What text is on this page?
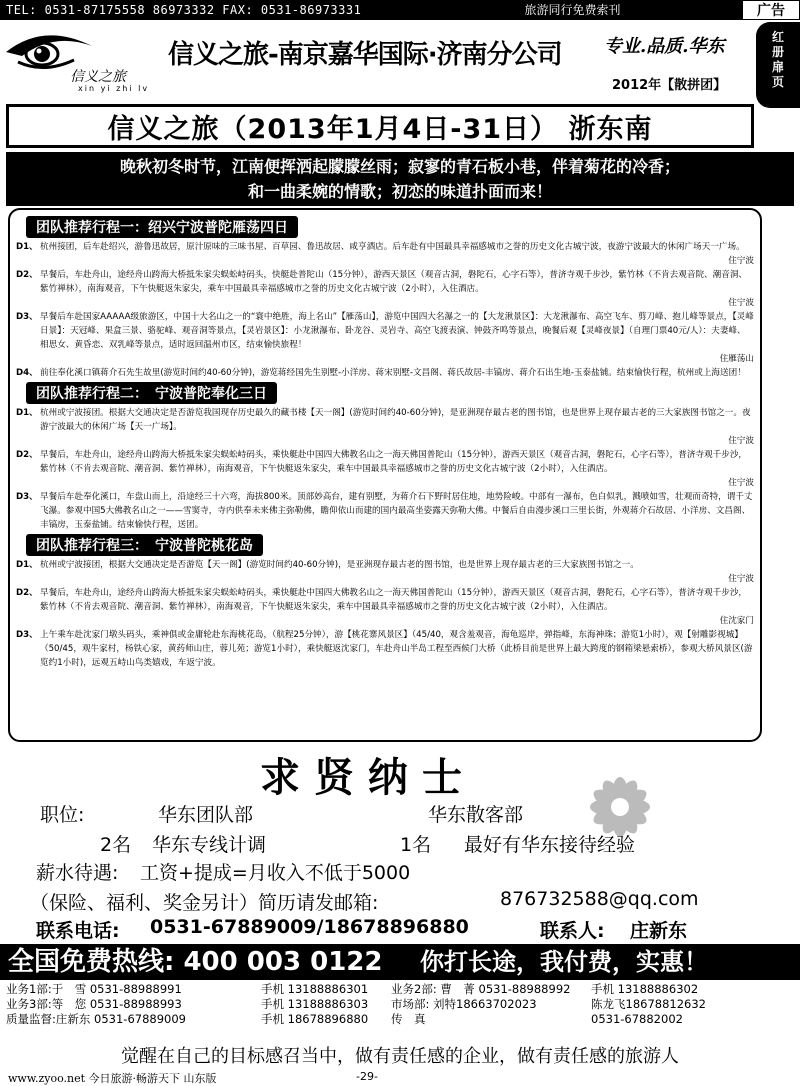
TEL: 0531-87175558 86973332 FAX: 0531-86973331	旅游同行免费索刊	广告
红册扉页
信义之旅
xin yi zhi lv
信义之旅-南京嘉华国际·济南分公司 专业.品质.华东
2012年【散拼团】
信义之旅（2013年1月4日-31日） 浙东南
晚秋初冬时节，江南便挥洒起朦朦丝雨；寂寥的青石板小巷，伴着菊花的冷香；
和一曲柔婉的情歌；初恋的味道扑面而来！
团队推荐行程一：绍兴宁波普陀雁荡四日
D1、 杭州接团，后车赴绍兴，游鲁迅故居，原汁原味的三味书屋、百草园、鲁迅故居、咸亨酒店。后车赴有中国最具幸福感城市之誉的历史文化古城宁波，夜游宁波最大的休闲广场天一广场。
住宁波
D2、 早餐后，车赴舟山，途经舟山跨海大桥抵朱家尖蜈蚣峙码头，快艇赴普陀山（15分钟），游西天景区（观音古洞，磐陀石，心字石等），普济寺观千步沙，紫竹林（不肯去观音院、潮音洞、紫竹禅林），南海观音，下午快艇返朱家尖，乘车中国最具幸福感城市之誉的历史文化古城宁波（2小时），入住酒店。
住宁波
D3、 早餐后车赴国家AAAAA级旅游区，中国十大名山之一的“寰中绝胜，海上名山”【雁荡山】，游览中国四大名瀑之一的【大龙湫景区】：大龙湫瀑布、高空飞车、剪刀峰、抱儿峰等景点，【灵峰日景】：天冠峰、果盒三景、骆驼峰、观音洞等景点，【灵岩景区】：小龙湫瀑布、卧龙谷、灵岩寺、高空飞渡表演、钟鼓齐鸣等景点，晚餐后观【灵峰夜景】（自理门票40元/人）：夫妻峰、相思女、黄昏恋、双乳峰等景点，适时返回温州市区，结束愉快旅程！
住雁荡山
D4、 前往奉化溪口镇蒋介石先生故里(游览时间约40-60分钟)，游览蒋经国先生别墅-小洋房、蒋宋别墅-文昌阁、蒋氏故居-丰镐房、蒋介石出生地-玉泰盐铺。结束愉快行程，杭州或上海送团！
团队推荐行程二：　宁波普陀奉化三日
D1、 杭州或宁波接团。根据大交通决定是否游览我国现存历史最久的藏书楼【天一阁】(游览时间约40-60分钟)，是亚洲现存最古老的图书馆，也是世界上现存最古老的三大家族图书馆之一。夜游宁波最大的休闲广场【天一广场】。
住宁波
D2、 早餐后，车赴舟山，途经舟山跨海大桥抵朱家尖蜈蚣峙码头，乘快艇赴中国四大佛教名山之一海天佛国普陀山（15分钟），游西天景区（观音古洞，磐陀石，心字石等），普济寺观千步沙，紫竹林（不肯去观音院、潮音洞、紫竹禅林），南海观音，下午快艇返朱家尖，乘车中国最具幸福感城市之誉的历史文化古城宁波（2小时），入住酒店。
住宁波
D3、 早餐后车赴奉化溪口，车盘山而上，沿途经三十六弯，海拔800米。顶部妙高台，建有别墅，为蒋介石下野时居住地，地势险峻。中部有一瀑布，色白似乳，溅喷如雪，壮观而奇特，谓千丈飞瀑。参观中国5大佛教名山之一——雪窦寺，寺内供奉未来佛主弥勒佛，瞻仰依山而建的国内最高坐姿露天弥勒大佛。中餐后自由漫步溪口三里长街，外观蒋介石故居、小洋房、文昌阁、丰镐房，玉泰盐铺。结束愉快行程，送团。
团队推荐行程三：　宁波普陀桃花岛
D1、 杭州或宁波接团，根据大交通决定是否游览【天一阁】(游览时间约40-60分钟)，是亚洲现存最古老的图书馆，也是世界上现存最古老的三大家族图书馆之一。
住宁波
D2、 早餐后，车赴舟山，途经舟山跨海大桥抵朱家尖蜈蚣峙码头，乘快艇赴中国四大佛教名山之一海天佛国普陀山（15分钟），游西天景区（观音古洞，磐陀石，心字石等），普济寺观千步沙，紫竹林（不肯去观音院、潮音洞、紫竹禅林），南海观音，下午快艇返朱家尖，乘车中国最具幸福感城市之誉的历史文化古城宁波（2小时），入住酒店。
住沈家门
D3、 上午乘车赴沈家门墩头码头，乘神俱或金庸轮赴东海桃花岛，（航程25分钟），游【桃花寨风景区】（45/40，观含羞观音，海龟巡岸，弹指峰，东海神珠；游览1小时），观【射雕影视城】（50/45，观牛家村，杨铁心家，黄药师山庄，蓉儿苑；游览1小时），乘快艇返沈家门，车赴舟山半岛工程至西候门大桥（此桥目前是世界上最大跨度的钢箱梁悬索桥），参观大桥风景区(游览约1小时)，远观五峙山鸟类嬉戏，车返宁波。
求贤纳士
职位:	华东团队部	华东散客部
2名 华东专线计调	1名 最好有华东接待经验
薪水待遇: 工资+提成=月收入不低于5000
（保险、福利、奖金另计）简历请发邮箱:	876732588@qq.com
联系电话: 0531-67889009/18678896880	联系人: 庄新东
全国免费热线: 400 003 0122 你打长途，我付费，实惠！
业务1部:于　雪 0531-88988991	手机 13188886301	业务2部: 曹　菁 0531-88988992	手机 13188886302
业务3部:等　您 0531-88988993	手机 13188886303	市场部: 刘特18663702023	陈龙飞18678812632
质量监督:庄新东 0531-67889009	手机 18678896880	传　真	0531-67882002
觉醒在自己的目标感召当中，做有责任感的企业，做有责任感的旅游人
www.zyoo.net 今日旅游·畅游天下 山东版	-29-
